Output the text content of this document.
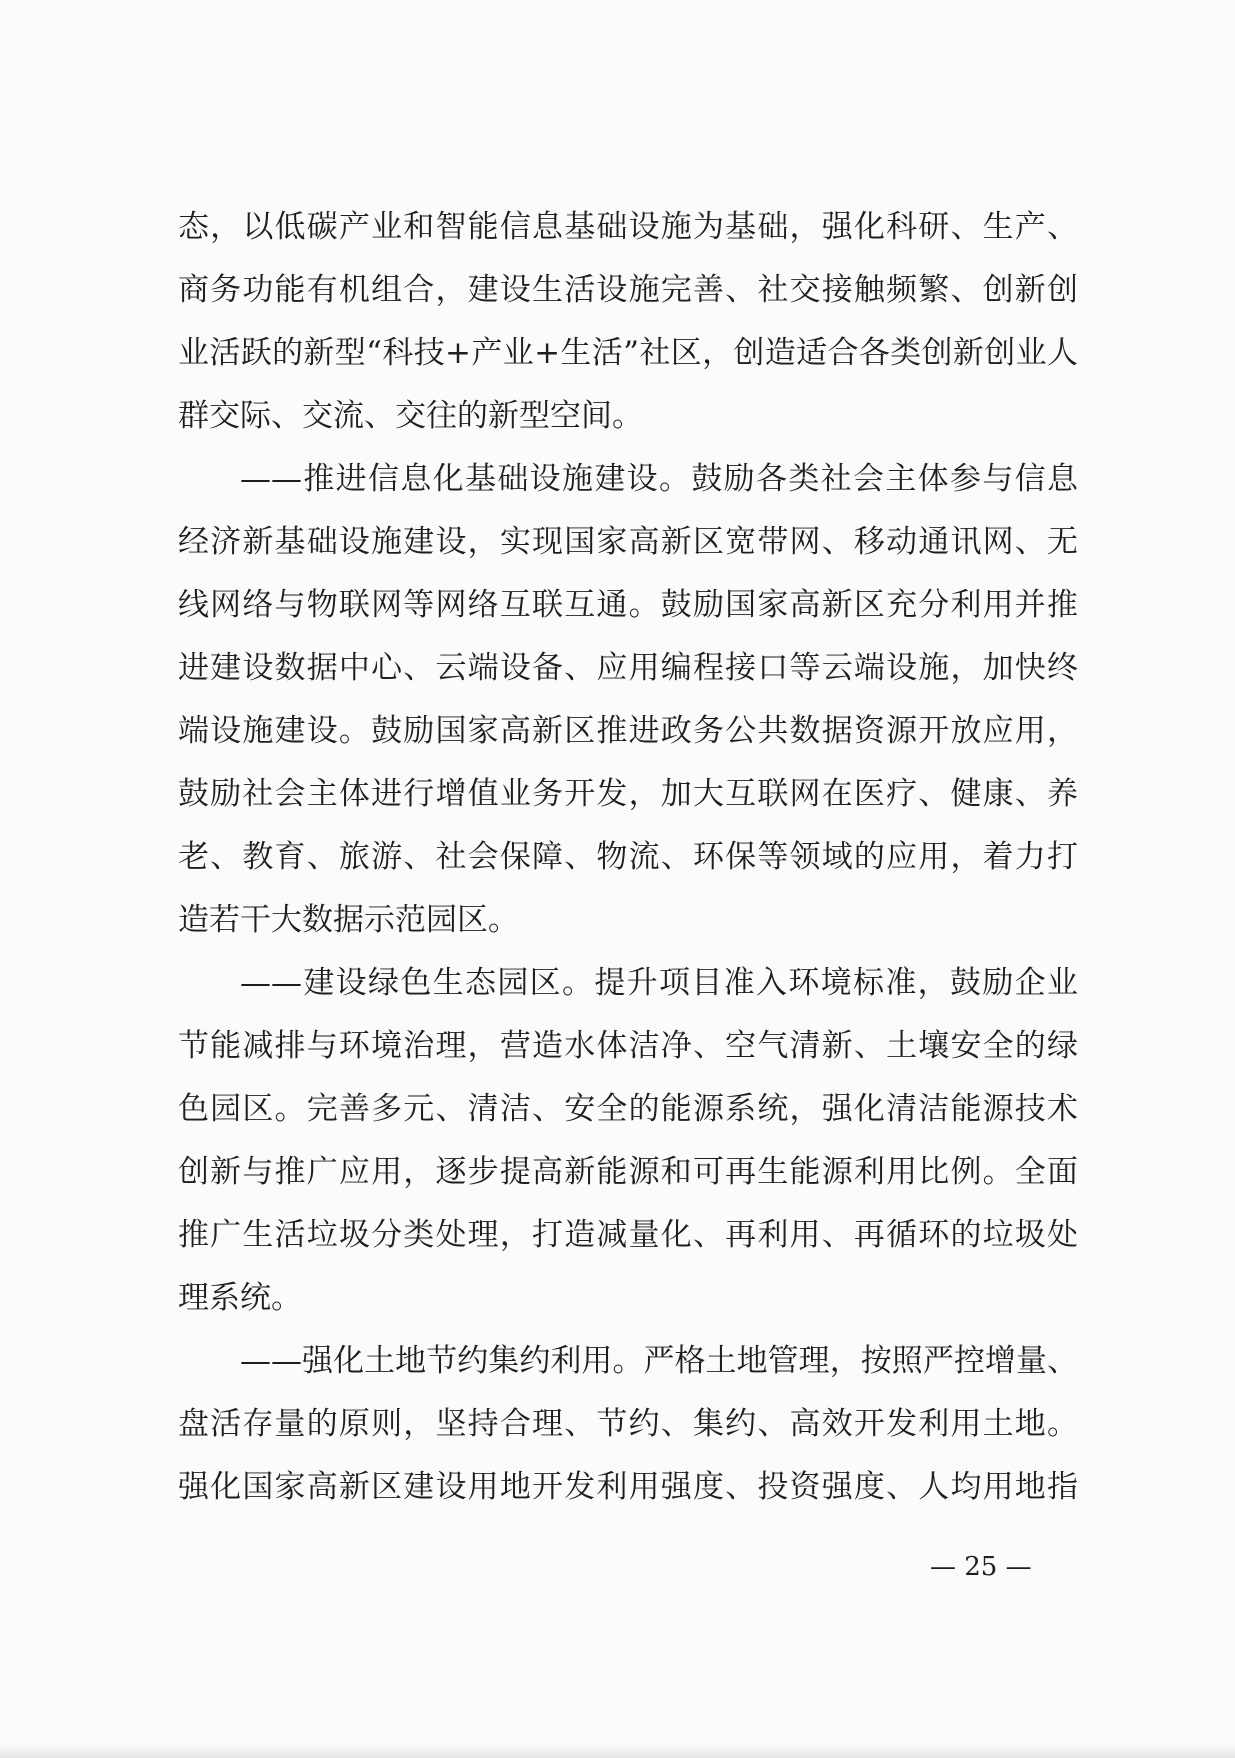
态，以低碳产业和智能信息基础设施为基础，强化科研、生产、
商务功能有机组合，建设生活设施完善、社交接触频繁、创新创
业活跃的新型“科技+产业+生活”社区，创造适合各类创新创业人
群交际、交流、交往的新型空间。
——推进信息化基础设施建设。鼓励各类社会主体参与信息
经济新基础设施建设，实现国家高新区宽带网、移动通讯网、无
线网络与物联网等网络互联互通。鼓励国家高新区充分利用并推
进建设数据中心、云端设备、应用编程接口等云端设施，加快终
端设施建设。鼓励国家高新区推进政务公共数据资源开放应用，
鼓励社会主体进行增值业务开发，加大互联网在医疗、健康、养
老、教育、旅游、社会保障、物流、环保等领域的应用，着力打
造若干大数据示范园区。
——建设绿色生态园区。提升项目准入环境标准，鼓励企业
节能减排与环境治理，营造水体洁净、空气清新、土壤安全的绿
色园区。完善多元、清洁、安全的能源系统，强化清洁能源技术
创新与推广应用，逐步提高新能源和可再生能源利用比例。全面
推广生活垃圾分类处理，打造减量化、再利用、再循环的垃圾处
理系统。
——强化土地节约集约利用。严格土地管理，按照严控增量、
盘活存量的原则，坚持合理、节约、集约、高效开发利用土地。
强化国家高新区建设用地开发利用强度、投资强度、人均用地指
— 25 —
